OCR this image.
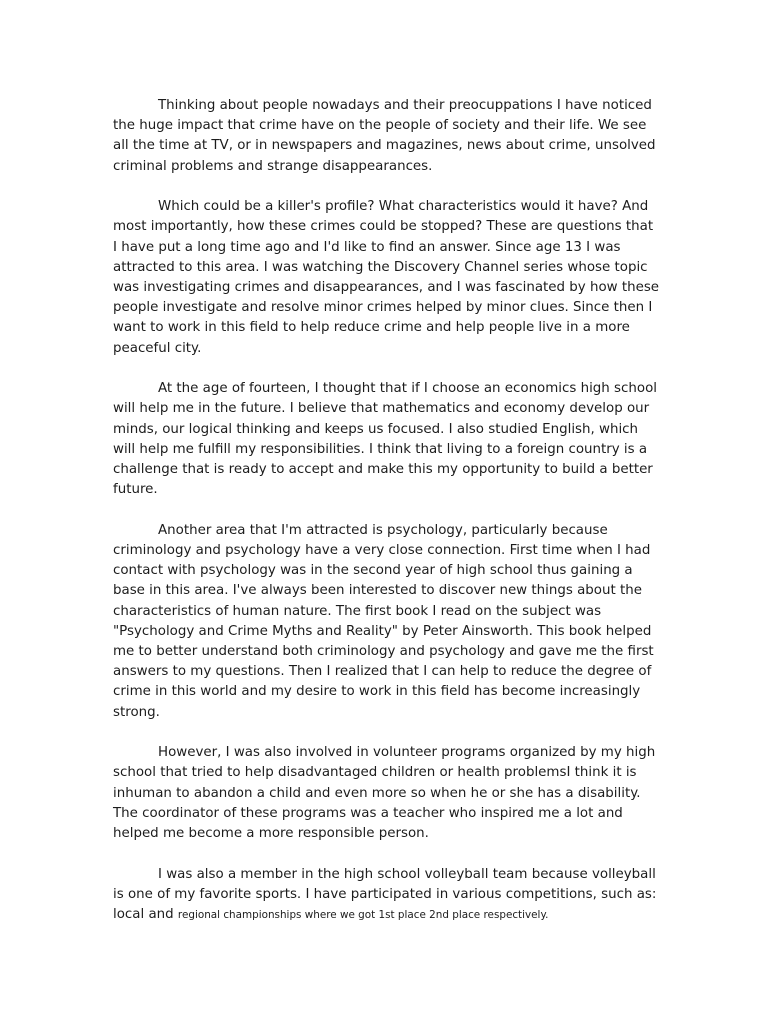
Thinking about people nowadays and their preocuppations I have noticed the huge impact that crime have on the people of society and their life. We see all the time at TV, or in newspapers and magazines, news about crime, unsolved criminal problems and strange disappearances.

Which could be a killer's profile? What characteristics would it have? And most importantly, how these crimes could be stopped? These are questions that I have put a long time ago and I'd like to find an answer. Since age 13 I was attracted to this area. I was watching the Discovery Channel series whose topic was investigating crimes and disappearances, and I was fascinated by how these people investigate and resolve minor crimes helped by minor clues. Since then I want to work in this field to help reduce crime and help people live in a more peaceful city.

At the age of fourteen, I thought that if I choose an economics high school will help me in the future. I believe that mathematics and economy develop our minds, our logical thinking and keeps us focused. I also studied English, which will help me fulfill my responsibilities. I think that living to a foreign country is a challenge that is ready to accept and make this my opportunity to build a better future.

Another area that I'm attracted is psychology, particularly because criminology and psychology have a very close connection. First time when I had contact with psychology was in the second year of high school thus gaining a base in this area. I've always been interested to discover new things about the characteristics of human nature. The first book I read on the subject was "Psychology and Crime Myths and Reality" by Peter Ainsworth. This book helped me to better understand both criminology and psychology and gave me the first answers to my questions. Then I realized that I can help to reduce the degree of crime in this world and my desire to work in this field has become increasingly strong.

However, I was also involved in volunteer programs organized by my high school that tried to help disadvantaged children or health problemsI think it is inhuman to abandon a child and even more so when he or she has a disability. The coordinator of these programs was a teacher who inspired me a lot and helped me become a more responsible person.

I was also a member in the high school volleyball team because volleyball is one of my favorite sports. I have participated in various competitions, such as: local and regional championships where we got 1st place 2nd place respectively.
